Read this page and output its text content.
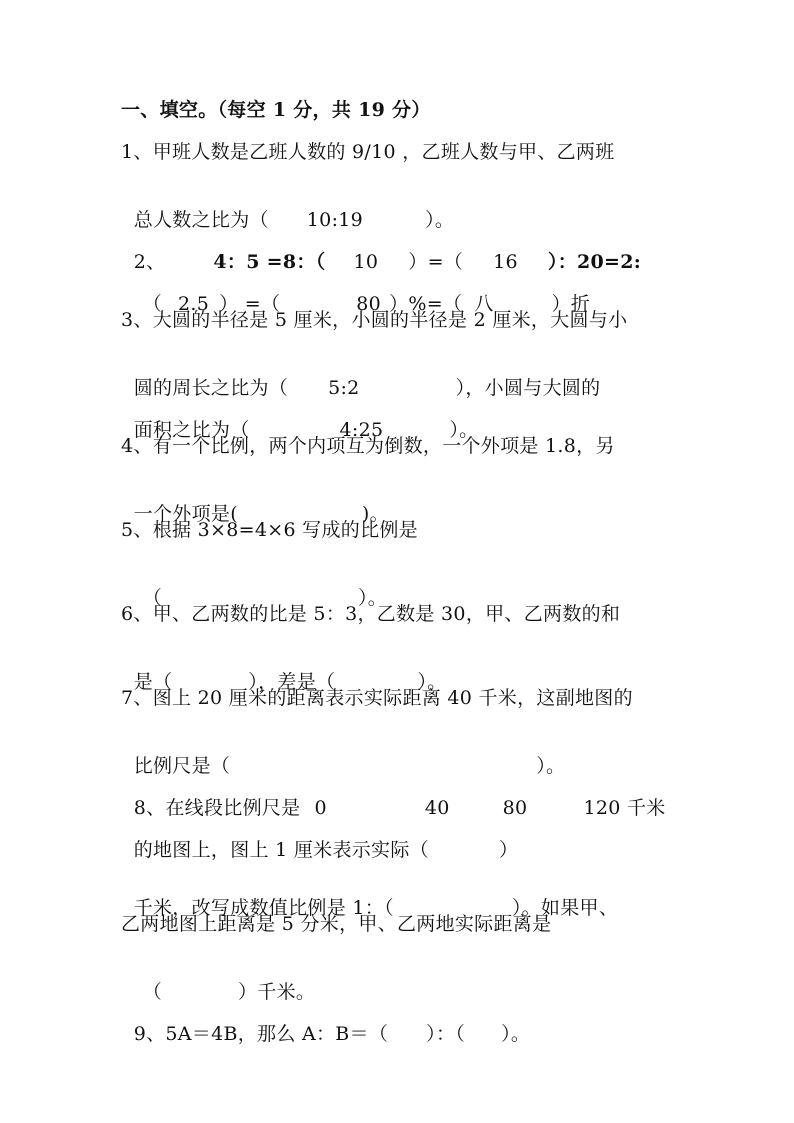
一、填空。（每空 1 分，共 19 分）
1、甲班人数是乙班人数的 9/10 ，乙班人数与甲、乙两班

总人数之比为（ 10:19	）。

2、	4：5 =8：（ 10 ）=（ 16 ）：20=2:

（ 2.5 ） =（	80 ）%=（ 八	）折

3、大圆的半径是 5 厘米，小圆的半径是 2 厘米，大圆与小

圆的周长之比为（ 5:2	），小圆与大圆的

面积之比为（	4:25	）。

4、有一个比例，两个内项互为倒数，一个外项是 1.8，另

一个外项是(	)。

5、根据 3×8=4×6 写成的比例是

（	）。

6、甲、乙两数的比是 5：3，乙数是 30，甲、乙两数的和

是（	），差是（	）。

7、图上 20 厘米的距离表示实际距离 40 千米，这副地图的

比例尺是（	）。

8、在线段比例尺是 0	40	80	120 千米

的地图上，图上 1 厘米表示实际（	）

千米，改写成数值比例是 1：（	）。如果甲、

乙两地图上距离是 5 分米，甲、乙两地实际距离是

（	）千米。

9、5A＝4B，那么 A：B＝（ ）：（ ）。
